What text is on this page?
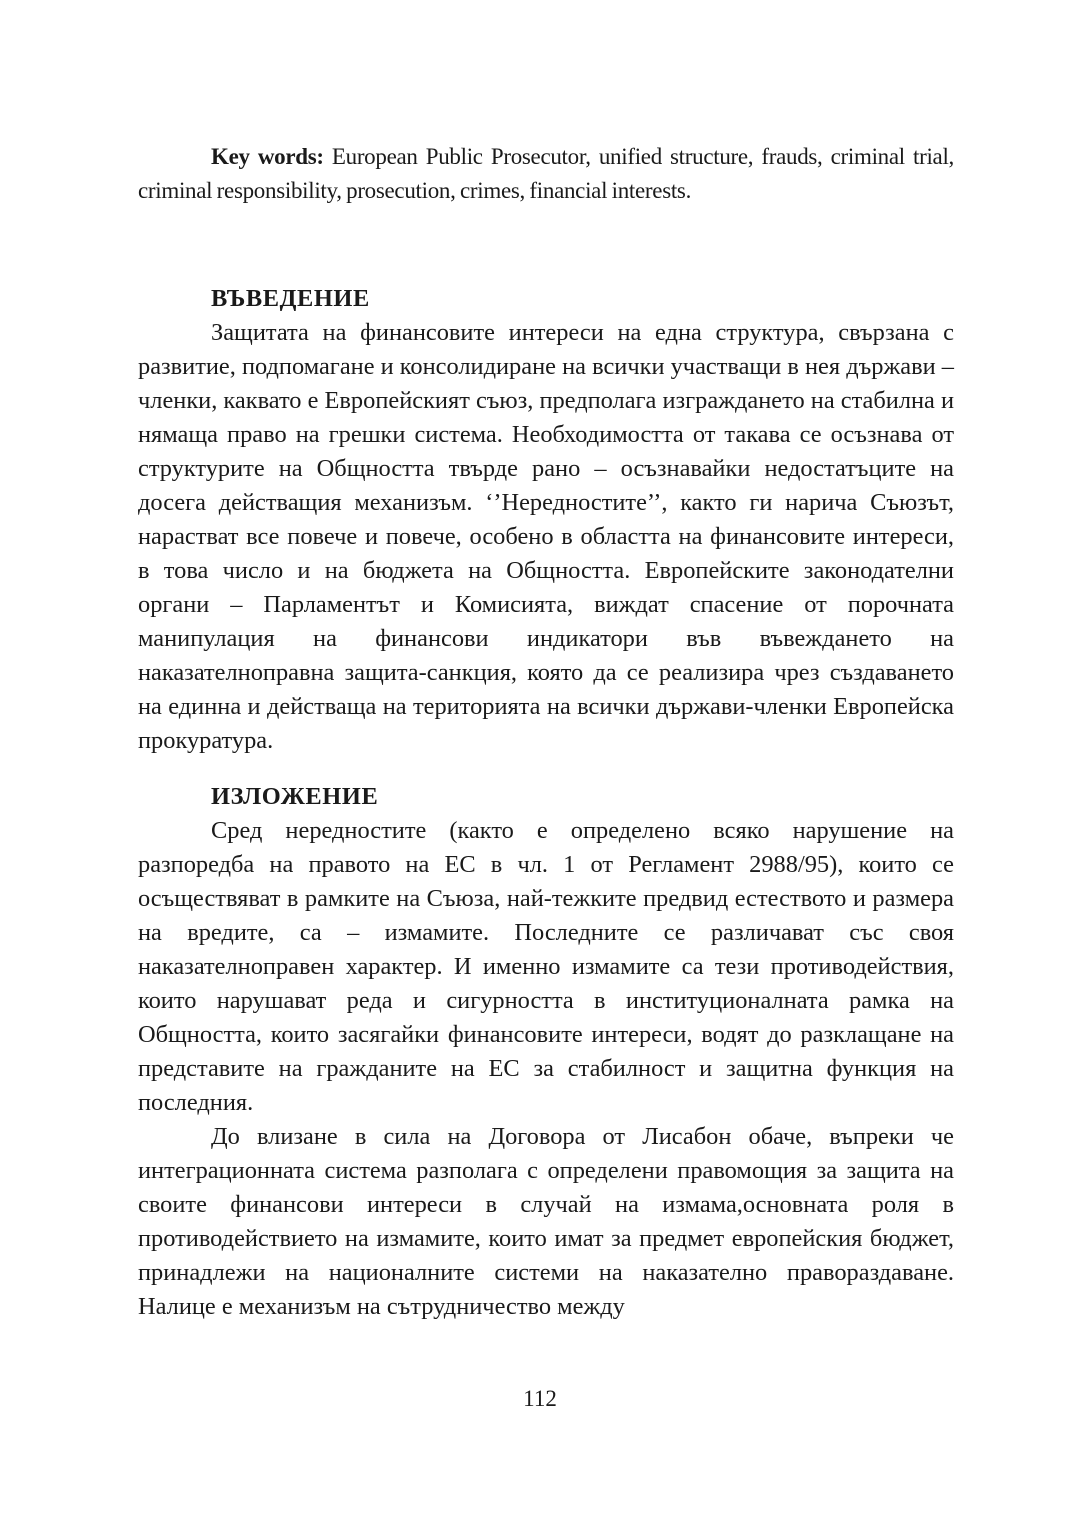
Key words: European Public Prosecutor, unified structure, frauds, criminal trial, criminal responsibility, prosecution, crimes, financial interests.

ВЪВЕДЕНИЕ

Защитата на финансовите интереси на една структура, свързана с развитие, подпомагане и консолидиране на всички участващи в нея държави – членки, каквато е Европейският съюз, предполага изграждането на стабилна и нямаща право на грешки система. Необходимостта от такава се осъзнава от структурите на Общността твърде рано – осъзнавайки недостатъците на досега действащия механизъм. ‘’Нередностите’’, както ги нарича Съюзът, нарастват все повече и повече, особено в областта на финансовите интереси, в това число и на бюджета на Общността. Европейските законодателни органи – Парламентът и Комисията, виждат спасение от порочната манипулация на финансови индикатори във въвеждането на наказателноправна защита-санкция, която да се реализира чрез създаването на единна и действаща на територията на всички държави-членки Европейска прокуратура.

ИЗЛОЖЕНИЕ

Сред нередностите (както е определено всяко нарушение на разпоредба на правото на ЕС в чл. 1 от Регламент 2988/95), които се осъществяват в рамките на Съюза, най-тежките предвид естеството и размера на вредите, са – измамите. Последните се различават със своя наказателноправен характер. И именно измамите са тези противодействия, които нарушават реда и сигурността в институционалната рамка на Общността, които засягайки финансовите интереси, водят до разклащане на представите на гражданите на ЕС за стабилност и защитна функция на последния.

До влизане в сила на Договора от Лисабон обаче, въпреки че интеграционната система разполага с определени правомощия за защита на своите финансови интереси в случай на измама,основната роля в противодействието на измамите, които имат за предмет европейския бюджет, принадлежи на националните системи на наказателно правораздаване. Налице е механизъм на сътрудничество между

112
